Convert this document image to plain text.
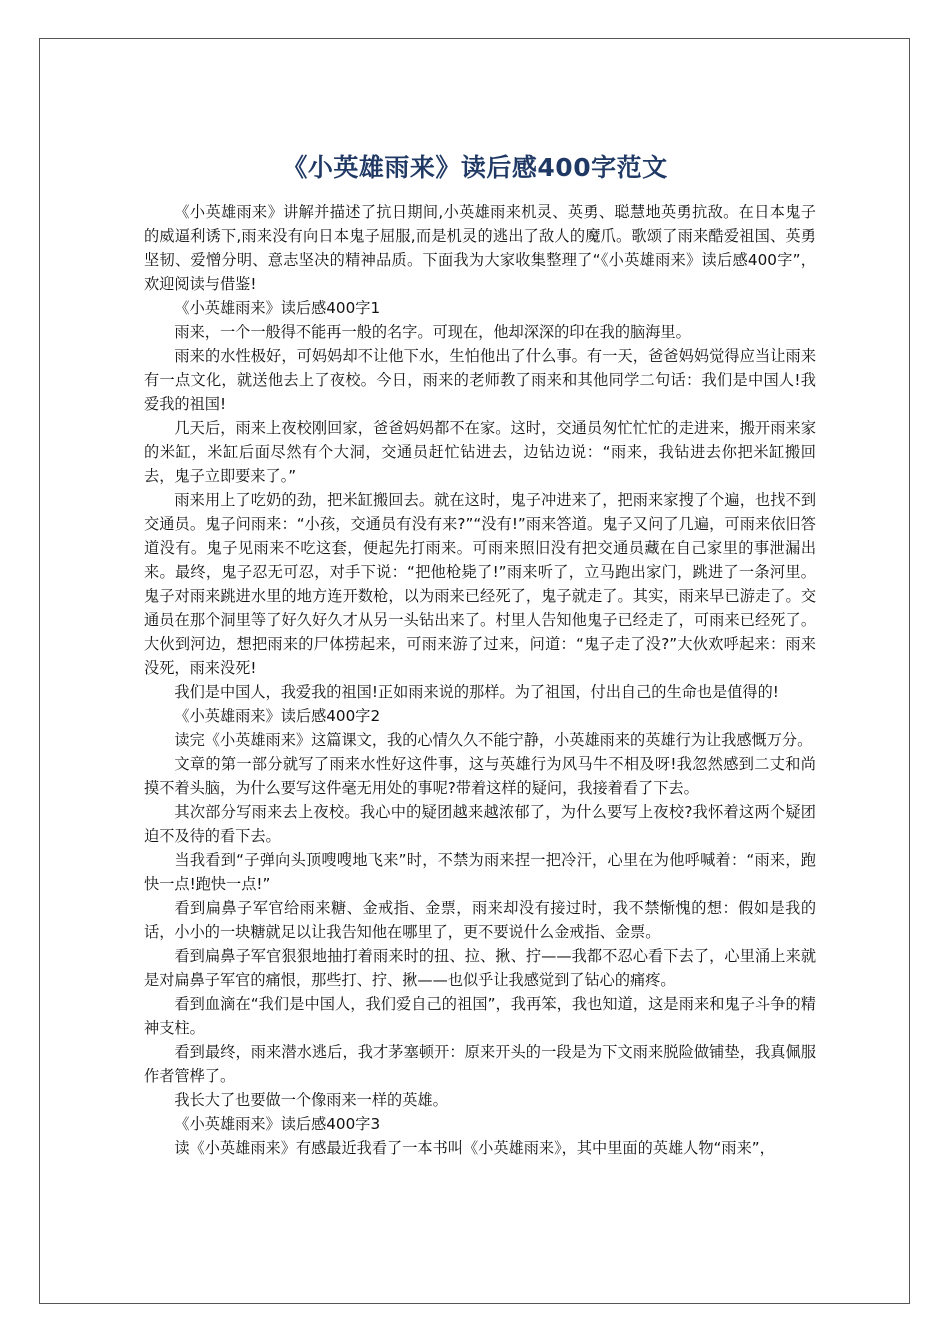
《小英雄雨来》读后感400字范文

《小英雄雨来》讲解并描述了抗日期间,小英雄雨来机灵、英勇、聪慧地英勇抗敌。在日本鬼子的威逼利诱下,雨来没有向日本鬼子屈服,而是机灵的逃出了敌人的魔爪。歌颂了雨来酷爱祖国、英勇坚韧、爱憎分明、意志坚决的精神品质。下面我为大家收集整理了“《小英雄雨来》读后感400字”，欢迎阅读与借鉴!

《小英雄雨来》读后感400字1

雨来，一个一般得不能再一般的名字。可现在，他却深深的印在我的脑海里。

雨来的水性极好，可妈妈却不让他下水，生怕他出了什么事。有一天，爸爸妈妈觉得应当让雨来有一点文化，就送他去上了夜校。今日，雨来的老师教了雨来和其他同学二句话：我们是中国人!我爱我的祖国!

几天后，雨来上夜校刚回家，爸爸妈妈都不在家。这时，交通员匆忙忙忙的走进来，搬开雨来家的米缸，米缸后面尽然有个大洞，交通员赶忙钻进去，边钻边说：“雨来，我钻进去你把米缸搬回去，鬼子立即要来了。”

雨来用上了吃奶的劲，把米缸搬回去。就在这时，鬼子冲进来了，把雨来家搜了个遍，也找不到交通员。鬼子问雨来：“小孩，交通员有没有来?”“没有!”雨来答道。鬼子又问了几遍，可雨来依旧答道没有。鬼子见雨来不吃这套，便起先打雨来。可雨来照旧没有把交通员藏在自己家里的事泄漏出来。最终，鬼子忍无可忍，对手下说：“把他枪毙了!”雨来听了，立马跑出家门，跳进了一条河里。鬼子对雨来跳进水里的地方连开数枪，以为雨来已经死了，鬼子就走了。其实，雨来早已游走了。交通员在那个洞里等了好久好久才从另一头钻出来了。村里人告知他鬼子已经走了，可雨来已经死了。大伙到河边，想把雨来的尸体捞起来，可雨来游了过来，问道：“鬼子走了没?”大伙欢呼起来：雨来没死，雨来没死!

我们是中国人，我爱我的祖国!正如雨来说的那样。为了祖国，付出自己的生命也是值得的!

《小英雄雨来》读后感400字2

读完《小英雄雨来》这篇课文，我的心情久久不能宁静，小英雄雨来的英雄行为让我感慨万分。

文章的第一部分就写了雨来水性好这件事，这与英雄行为风马牛不相及呀!我忽然感到二丈和尚摸不着头脑，为什么要写这件毫无用处的事呢?带着这样的疑问，我接着看了下去。

其次部分写雨来去上夜校。我心中的疑团越来越浓郁了，为什么要写上夜校?我怀着这两个疑团迫不及待的看下去。

当我看到“子弹向头顶嗖嗖地飞来”时，不禁为雨来捏一把冷汗，心里在为他呼喊着：“雨来，跑快一点!跑快一点!”

看到扁鼻子军官给雨来糖、金戒指、金票，雨来却没有接过时，我不禁惭愧的想：假如是我的话，小小的一块糖就足以让我告知他在哪里了，更不要说什么金戒指、金票。

看到扁鼻子军官狠狠地抽打着雨来时的扭、拉、揪、拧——我都不忍心看下去了，心里涌上来就是对扁鼻子军官的痛恨，那些打、拧、揪——也似乎让我感觉到了钻心的痛疼。

看到血滴在“我们是中国人，我们爱自己的祖国”，我再笨，我也知道，这是雨来和鬼子斗争的精神支柱。

看到最终，雨来潜水逃后，我才茅塞顿开：原来开头的一段是为下文雨来脱险做铺垫，我真佩服作者管桦了。

我长大了也要做一个像雨来一样的英雄。

《小英雄雨来》读后感400字3

读《小英雄雨来》有感最近我看了一本书叫《小英雄雨来》，其中里面的英雄人物“雨来”，
